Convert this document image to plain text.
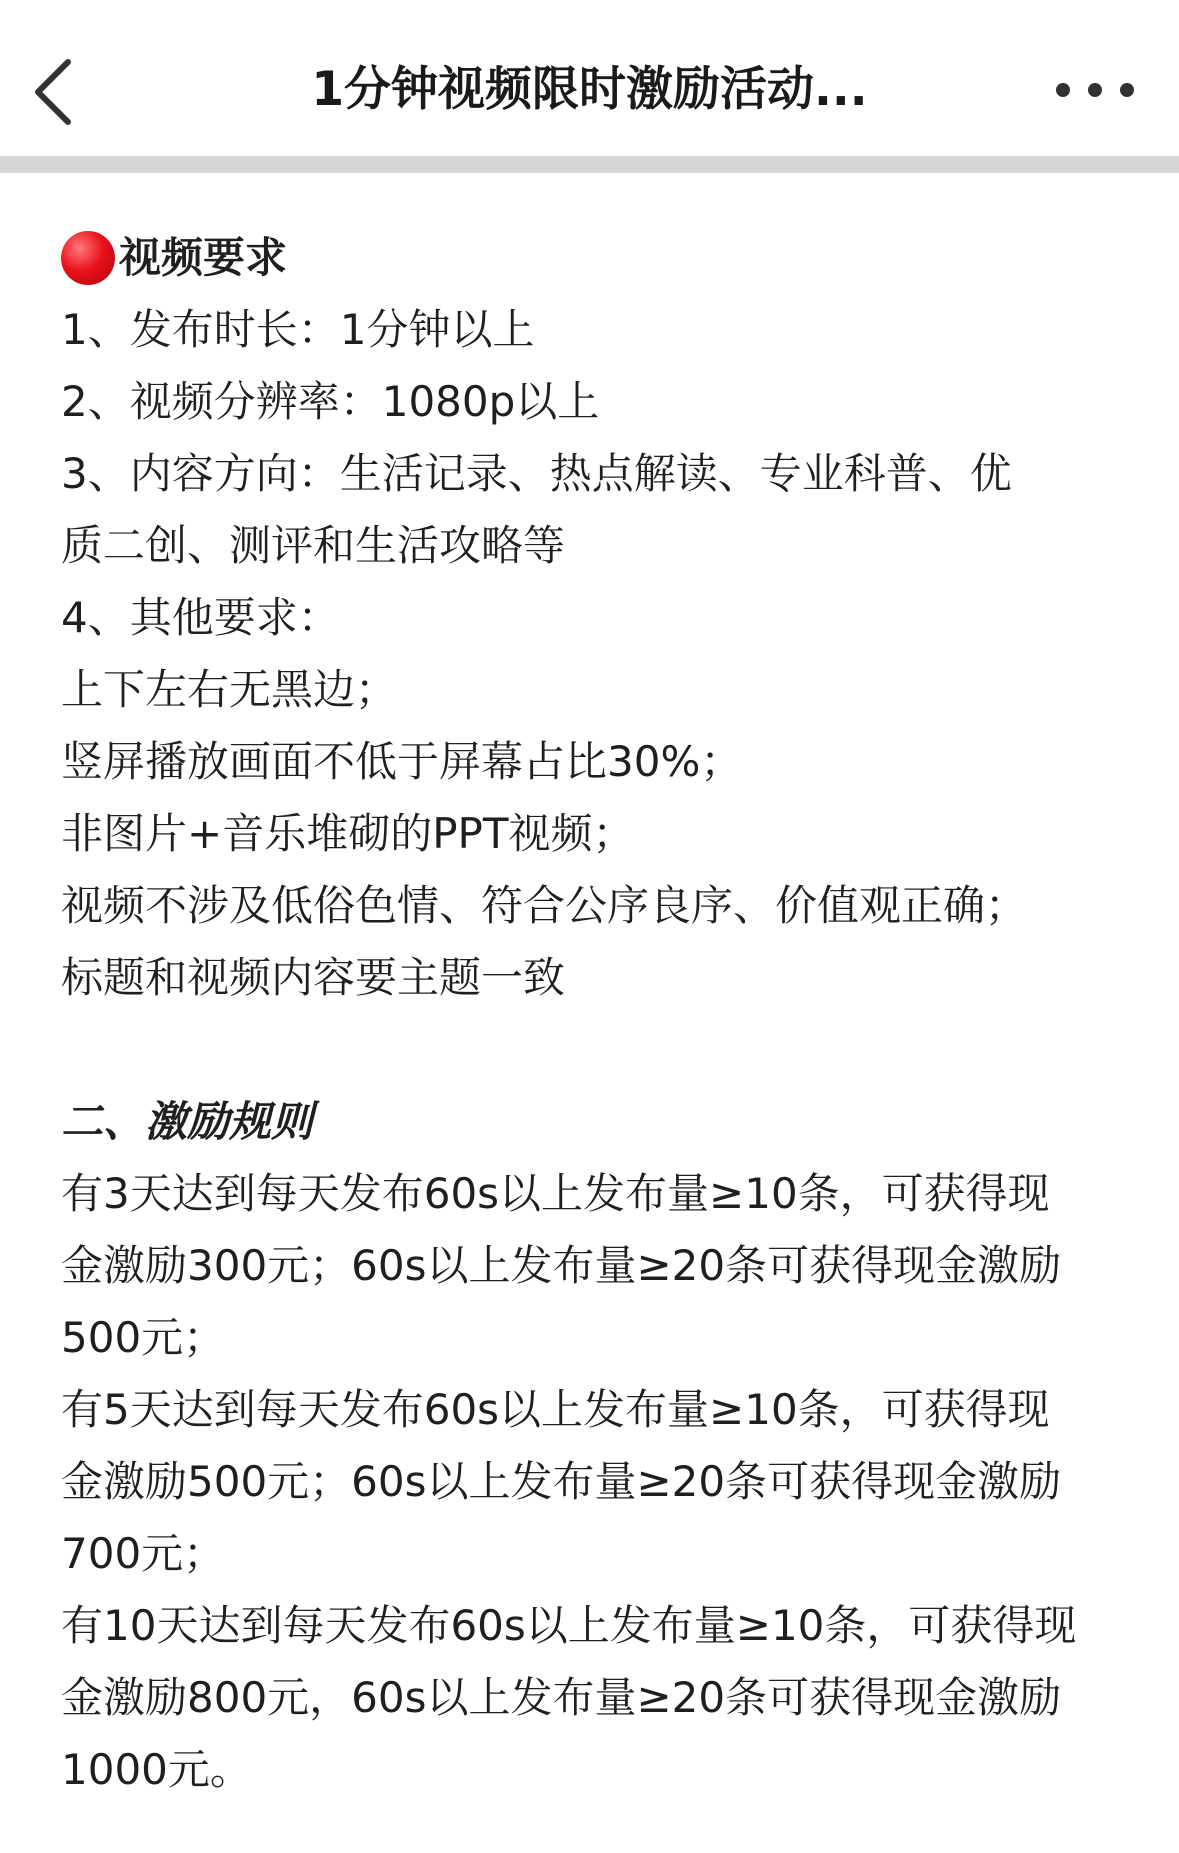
1分钟视频限时激励活动...
视频要求
1、发布时长：1分钟以上
2、视频分辨率：1080p以上
3、内容方向：生活记录、热点解读、专业科普、优
质二创、测评和生活攻略等
4、其他要求：
上下左右无黑边；
竖屏播放画面不低于屏幕占比30%；
非图片+音乐堆砌的PPT视频；
视频不涉及低俗色情、符合公序良序、价值观正确；
标题和视频内容要主题一致
二、激励规则
有3天达到每天发布60s以上发布量≥10条，可获得现
金激励300元；60s以上发布量≥20条可获得现金激励
500元；
有5天达到每天发布60s以上发布量≥10条，可获得现
金激励500元；60s以上发布量≥20条可获得现金激励
700元；
有10天达到每天发布60s以上发布量≥10条，可获得现
金激励800元，60s以上发布量≥20条可获得现金激励
1000元。
